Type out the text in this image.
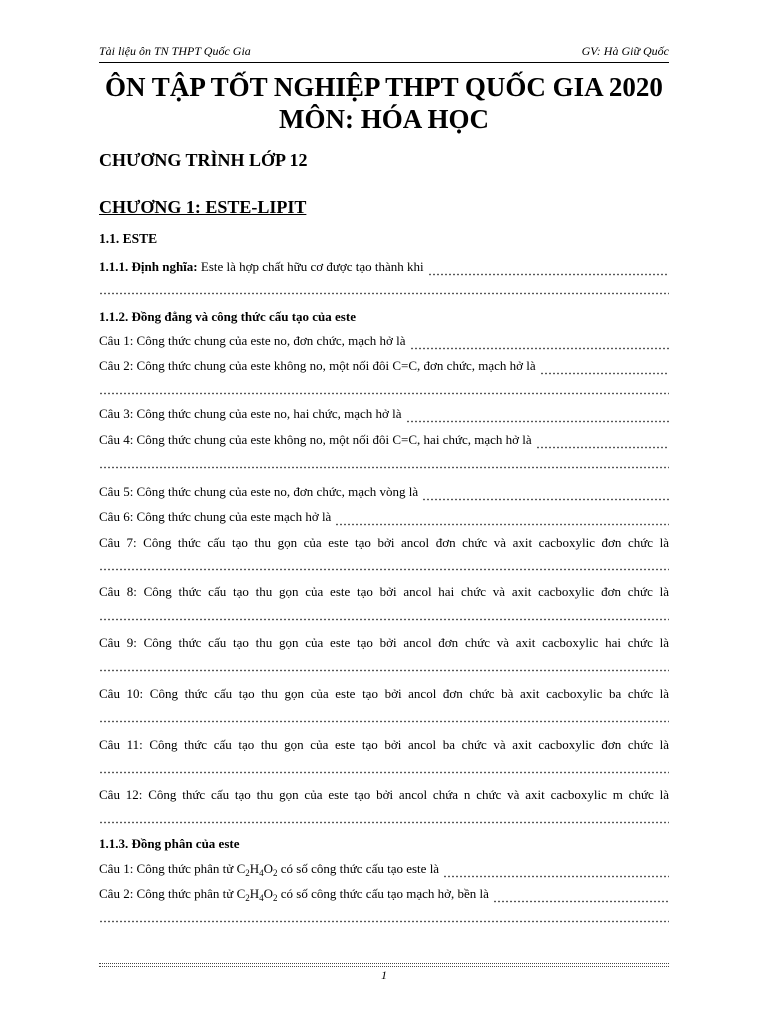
Tài liệu ôn TN THPT Quốc Gia	GV: Hà Giữ Quốc
ÔN TẬP TỐT NGHIỆP THPT QUỐC GIA 2020
MÔN: HÓA HỌC
CHƯƠNG TRÌNH LỚP 12
CHƯƠNG 1: ESTE-LIPIT
1.1. ESTE
1.1.1. Định nghĩa: Este là hợp chất hữu cơ được tạo thành khi
1.1.2. Đồng đẳng và công thức cấu tạo của este
Câu 1: Công thức chung của este no, đơn chức, mạch hở là
Câu 2: Công thức chung của este không no, một nối đôi C=C, đơn chức, mạch hở là
Câu 3: Công thức chung của este no, hai chức, mạch hở là
Câu 4: Công thức chung của este không no, một nối đôi C=C, hai chức, mạch hở là
Câu 5: Công thức chung của este no, đơn chức, mạch vòng là
Câu 6: Công thức chung của este mạch hở là
Câu 7: Công thức cấu tạo thu gọn của este tạo bởi ancol đơn chức và axit cacboxylic đơn chức là
Câu 8: Công thức cấu tạo thu gọn của este tạo bởi ancol hai chức và axit cacboxylic đơn chức là
Câu 9: Công thức cấu tạo thu gọn của este tạo bởi ancol đơn chức và axit cacboxylic hai chức là
Câu 10: Công thức cấu tạo thu gọn của este tạo bởi ancol đơn chức bà axit cacboxylic ba chức là
Câu 11: Công thức cấu tạo thu gọn của este tạo bởi ancol ba chức và axit cacboxylic đơn chức là
Câu 12: Công thức cấu tạo thu gọn của este tạo bởi ancol chứa n chức và axit cacboxylic m chức là
1.1.3. Đồng phân của este
Câu 1: Công thức phân tử $C_2H_4O_2$ có số công thức cấu tạo este là
Câu 2: Công thức phân tử $C_2H_4O_2$ có số công thức cấu tạo mạch hở, bền là
1
